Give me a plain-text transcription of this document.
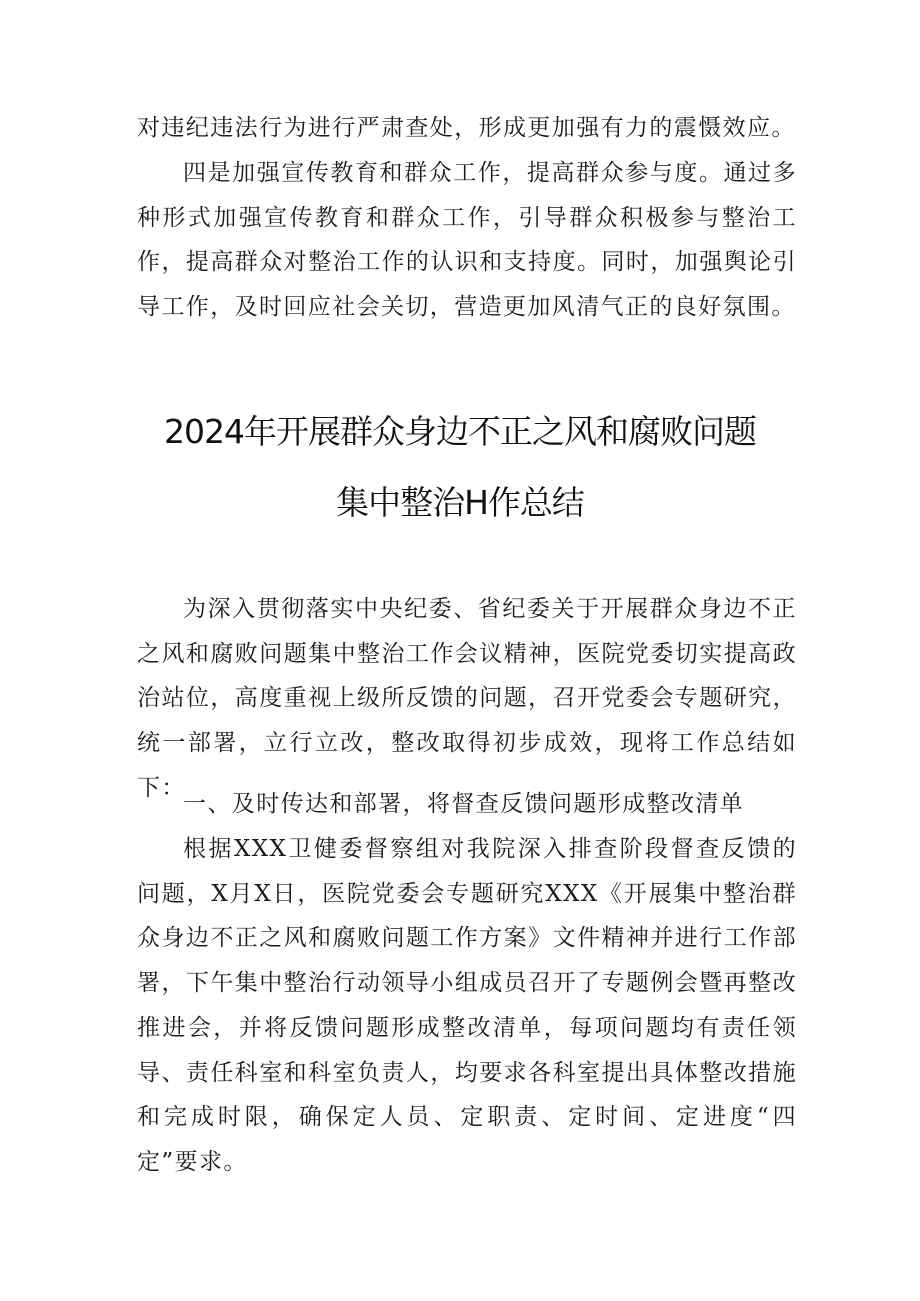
对违纪违法行为进行严肃查处，形成更加强有力的震慑效应。

四是加强宣传教育和群众工作，提高群众参与度。通过多种形式加强宣传教育和群众工作，引导群众积极参与整治工作，提高群众对整治工作的认识和支持度。同时，加强舆论引导工作，及时回应社会关切，营造更加风清气正的良好氛围。

2024年开展群众身边不正之风和腐败问题
集中整治H作总结

为深入贯彻落实中央纪委、省纪委关于开展群众身边不正之风和腐败问题集中整治工作会议精神，医院党委切实提高政治站位，高度重视上级所反馈的问题，召开党委会专题研究，统一部署，立行立改，整改取得初步成效，现将工作总结如下：

一、及时传达和部署，将督查反馈问题形成整改清单

根据XXX卫健委督察组对我院深入排查阶段督查反馈的问题，X月X日，医院党委会专题研究XXX《开展集中整治群众身边不正之风和腐败问题工作方案》文件精神并进行工作部署，下午集中整治行动领导小组成员召开了专题例会暨再整改推进会，并将反馈问题形成整改清单，每项问题均有责任领导、责任科室和科室负责人，均要求各科室提出具体整改措施和完成时限，确保定人员、定职责、定时间、定进度“四定”要求。
